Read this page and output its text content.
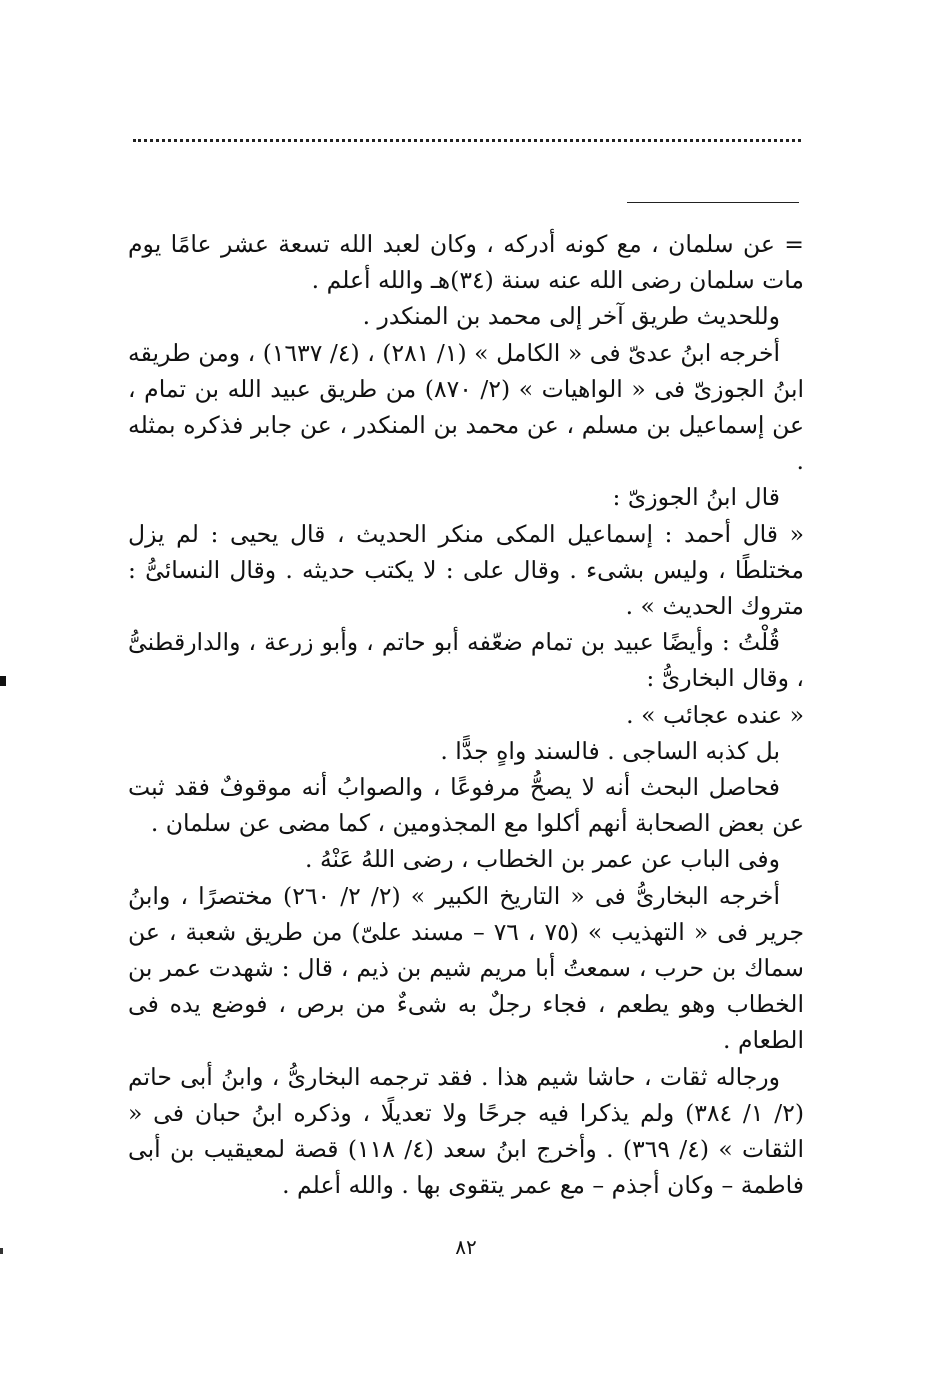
= عن سلمان ، مع كونه أدركه ، وكان لعبد الله تسعة عشر عامًا يوم مات سلمان رضى الله عنه سنة (٣٤)هـ والله أعلم .

وللحديث طريق آخر إلى محمد بن المنكدر .

أخرجه ابنُ عدىّ فى « الكامل » (١/ ٢٨١) ، (٤/ ١٦٣٧) ، ومن طريقه ابنُ الجوزىّ فى « الواهيات » (٢/ ٨٧٠) من طريق عبيد الله بن تمام ، عن إسماعيل بن مسلم ، عن محمد بن المنكدر ، عن جابر فذكره بمثله .

قال ابنُ الجوزىّ :

« قال أحمد : إسماعيل المكى منكر الحديث ، قال يحيى : لم يزل مختلطًا ، وليس بشىء . وقال على : لا يكتب حديثه . وقال النسائىُّ : متروك الحديث » .

قُلْتُ : وأيضًا عبيد بن تمام ضعّفه أبو حاتم ، وأبو زرعة ، والدارقطنىُّ ، وقال البخارىُّ :

« عنده عجائب » .

بل كذبه الساجى . فالسند واهٍ جدًّا .

فحاصل البحث أنه لا يصحُّ مرفوعًا ، والصوابُ أنه موقوفٌ فقد ثبت عن بعض الصحابة أنهم أكلوا مع المجذومين ، كما مضى عن سلمان .

وفى الباب عن عمر بن الخطاب ، رضى اللهُ عَنْهُ .

أخرجه البخارىُّ فى « التاريخ الكبير » (٢/ ٢/ ٢٦٠) مختصرًا ، وابنُ جرير فى « التهذيب » (٧٥ ، ٧٦ – مسند علىّ) من طريق شعبة ، عن سماك بن حرب ، سمعتُ أبا مريم شيم بن ذيم ، قال : شهدت عمر بن الخطاب وهو يطعم ، فجاء رجلٌ به شىءٌ من برص ، فوضع يده فى الطعام .

ورجاله ثقات ، حاشا شيم هذا . فقد ترجمه البخارىُّ ، وابنُ أبى حاتم (٢/ ١/ ٣٨٤) ولم يذكرا فيه جرحًا ولا تعديلًا ، وذكره ابنُ حبان فى « الثقات » (٤/ ٣٦٩) . وأخرج ابنُ سعد (٤/ ١١٨) قصة لمعيقيب بن أبى فاطمة – وكان أجذم – مع عمر يتقوى بها . والله أعلم .

٨٢
